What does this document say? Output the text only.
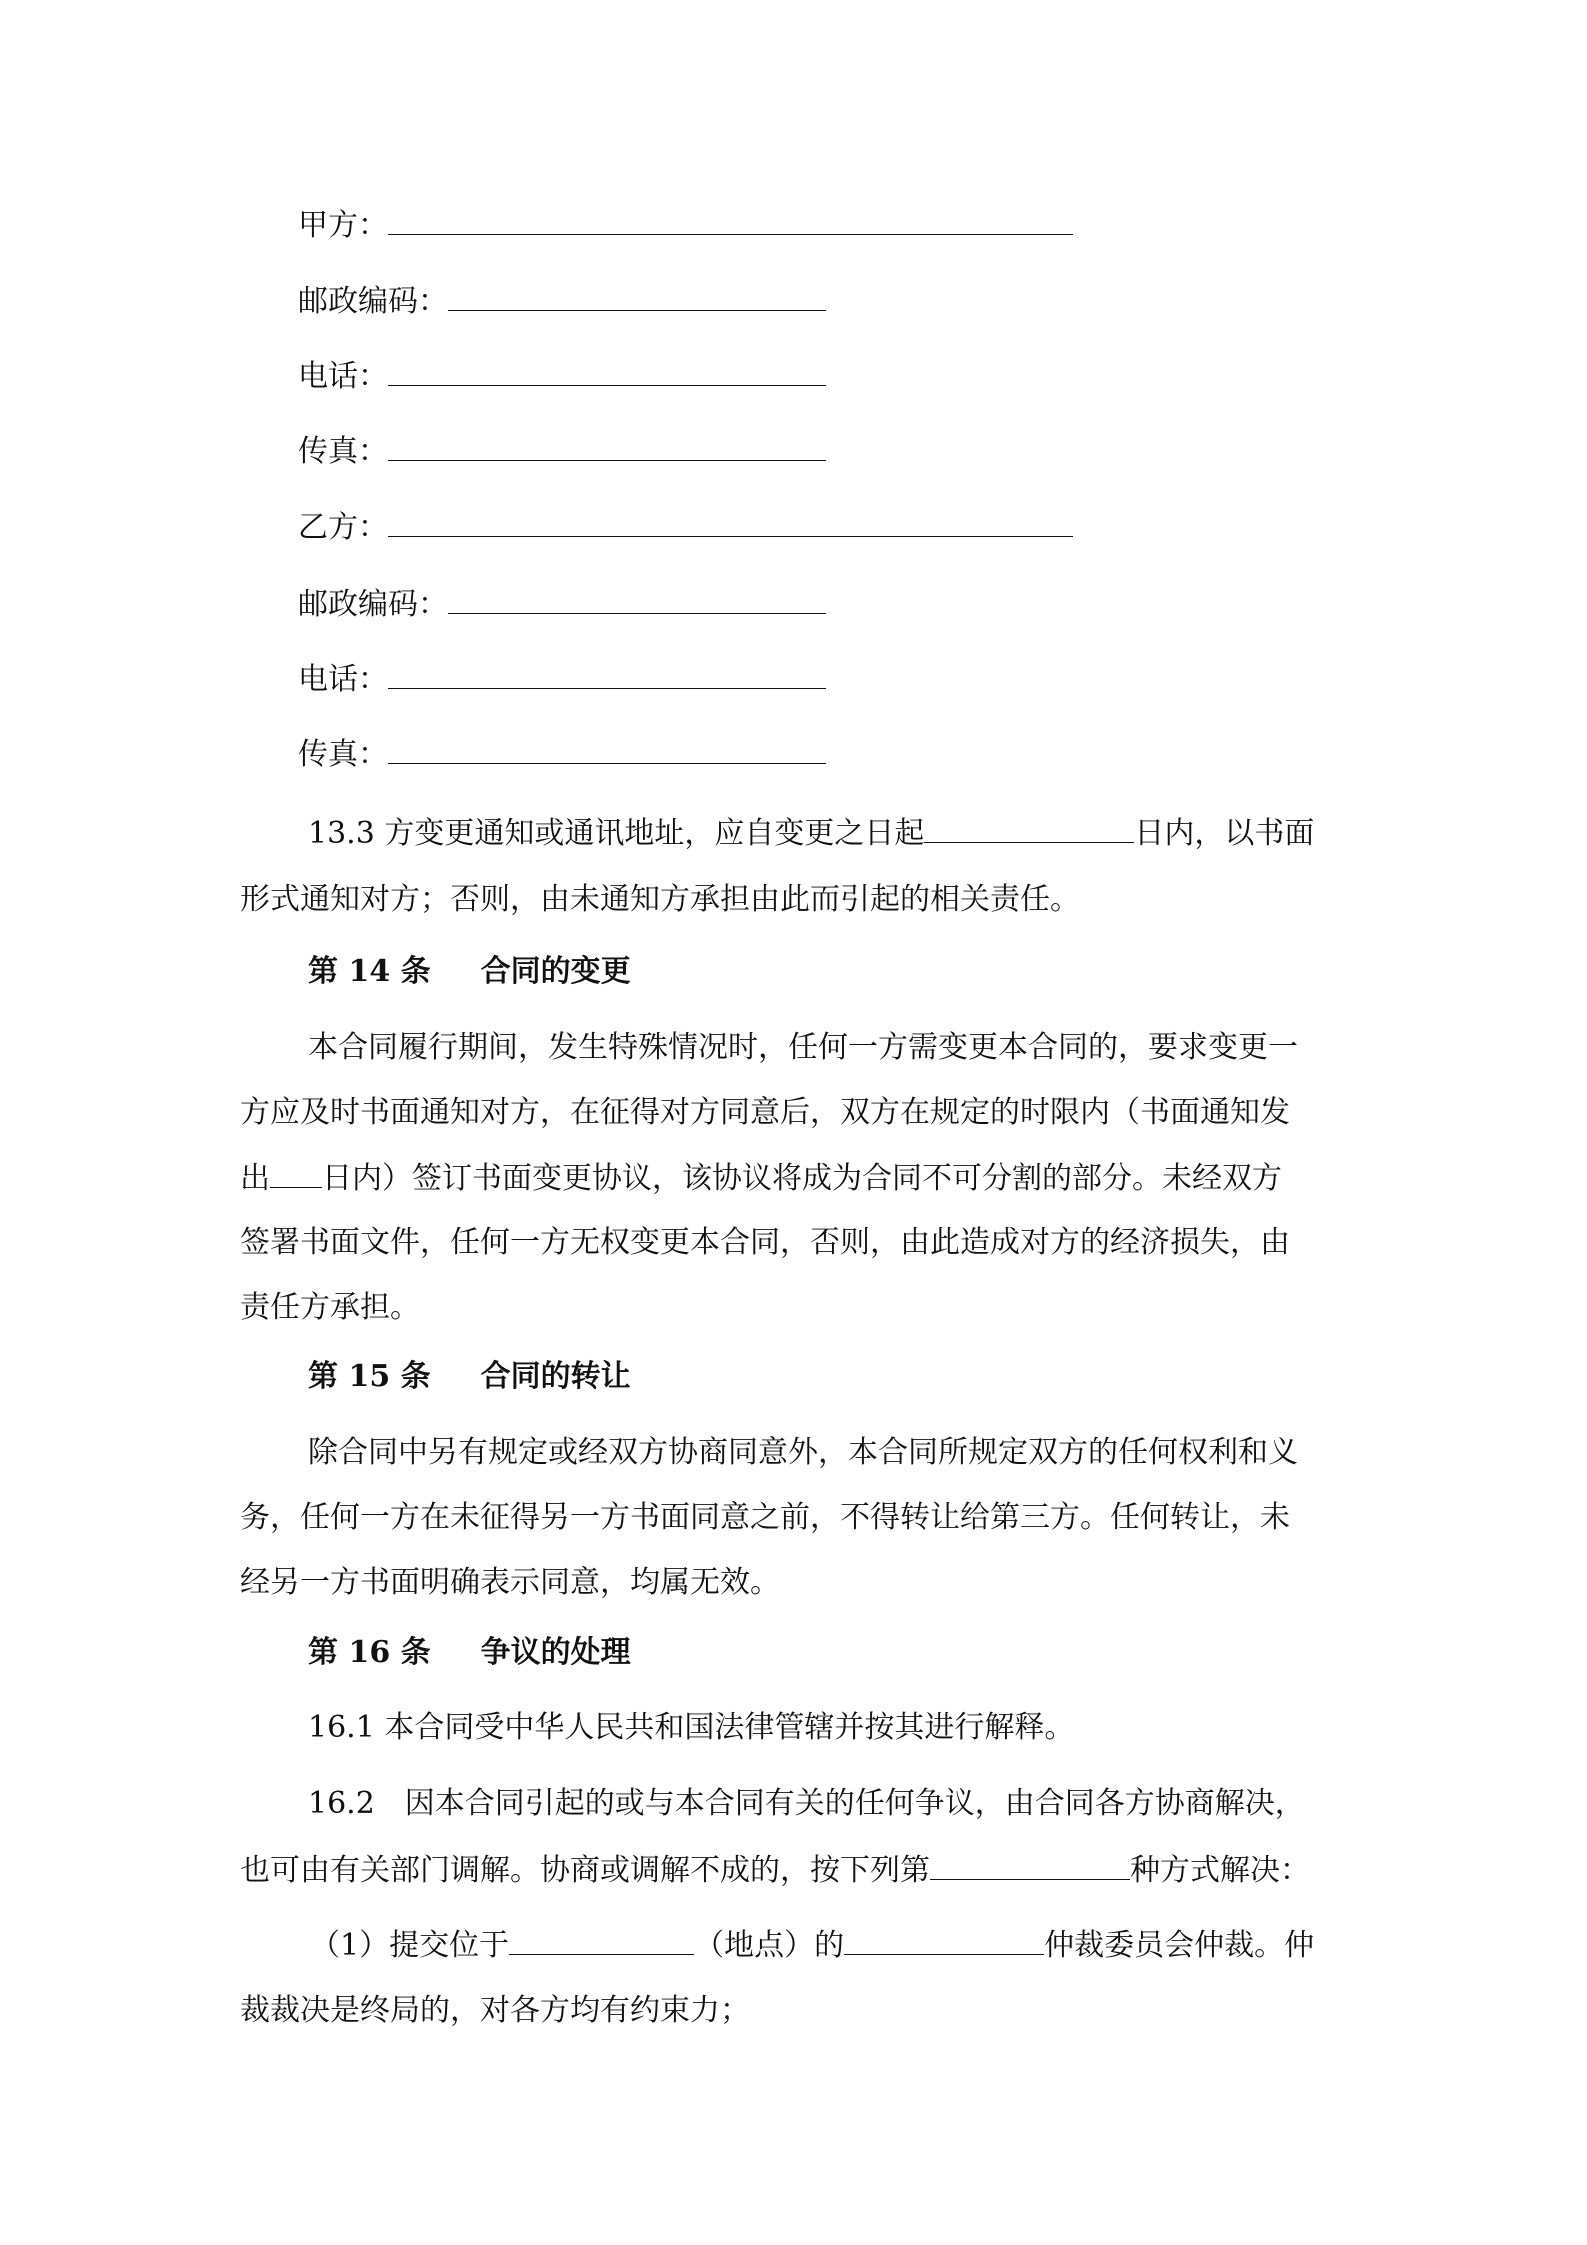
甲方：
邮政编码：
电话：
传真：
乙方：
邮政编码：
电话：
传真：
13.3 方变更通知或通讯地址，应自变更之日起	日内，以书面
形式通知对方；否则，由未通知方承担由此而引起的相关责任。
第 14 条 合同的变更
本合同履行期间，发生特殊情况时，任何一方需变更本合同的，要求变更一
方应及时书面通知对方，在征得对方同意后，双方在规定的时限内（书面通知发
出 日内）签订书面变更协议，该协议将成为合同不可分割的部分。未经双方
签署书面文件，任何一方无权变更本合同，否则，由此造成对方的经济损失，由
责任方承担。
第 15 条 合同的转让
除合同中另有规定或经双方协商同意外，本合同所规定双方的任何权利和义
务，任何一方在未征得另一方书面同意之前，不得转让给第三方。任何转让，未
经另一方书面明确表示同意，均属无效。
第 16 条 争议的处理
16.1 本合同受中华人民共和国法律管辖并按其进行解释。
16.2　因本合同引起的或与本合同有关的任何争议，由合同各方协商解决，
也可由有关部门调解。协商或调解不成的，按下列第	种方式解决：
（1）提交位于	（地点）的	仲裁委员会仲裁。仲
裁裁决是终局的，对各方均有约束力；
